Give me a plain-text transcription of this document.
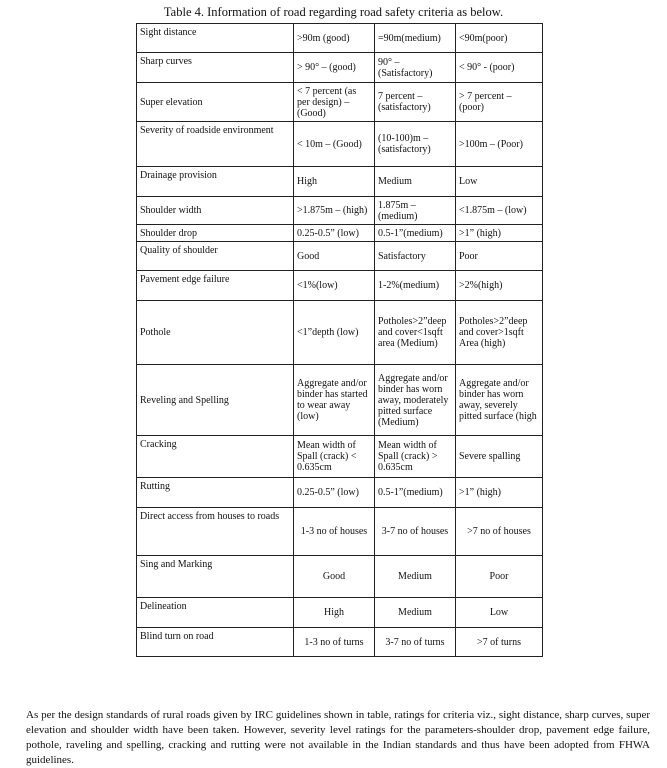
Table 4. Information of road regarding road safety criteria as below.
Sight distance	>90m (good)	=90m(medium)	<90m(poor)
Sharp curves	> 90° – (good)	90° – (Satisfactory)	< 90° - (poor)
Super elevation	< 7 percent (as per design) – (Good)	7 percent – (satisfactory)	> 7 percent – (poor)
Severity of roadside environment	< 10m – (Good)	(10-100)m – (satisfactory)	>100m – (Poor)
Drainage provision	High	Medium	Low
Shoulder width	>1.875m – (high)	1.875m – (medium)	<1.875m – (low)
Shoulder drop	0.25-0.5” (low)	0.5-1”(medium)	>1” (high)
Quality of shoulder	Good	Satisfactory	Poor
Pavement edge failure	<1%(low)	1-2%(medium)	>2%(high)
Pothole	<1”depth (low)	Potholes>2”deep and cover<1sqft area (Medium)	Potholes>2”deep and cover>1sqft Area (high)
Reveling and Spelling	Aggregate and/or binder has started to wear away (low)	Aggregate and/or binder has worn away, moderately pitted surface (Medium)	Aggregate and/or binder has worn away, severely pitted surface (high
Cracking	Mean width of Spall (crack) < 0.635cm	Mean width of Spall (crack) > 0.635cm	Severe spalling
Rutting	0.25-0.5” (low)	0.5-1”(medium)	>1” (high)
Direct access from houses to roads	1-3 no of houses	3-7 no of houses	>7 no of houses
Sing and Marking	Good	Medium	Poor
Delineation	High	Medium	Low
Blind turn on road	1-3 no of turns	3-7 no of turns	>7 of turns

As per the design standards of rural roads given by IRC guidelines shown in table, ratings for criteria viz., sight distance, sharp curves, super elevation and shoulder width have been taken. However, severity level ratings for the parameters-shoulder drop, pavement edge failure, pothole, raveling and spelling, cracking and rutting were not available in the Indian standards and thus have been adopted from FHWA guidelines.
